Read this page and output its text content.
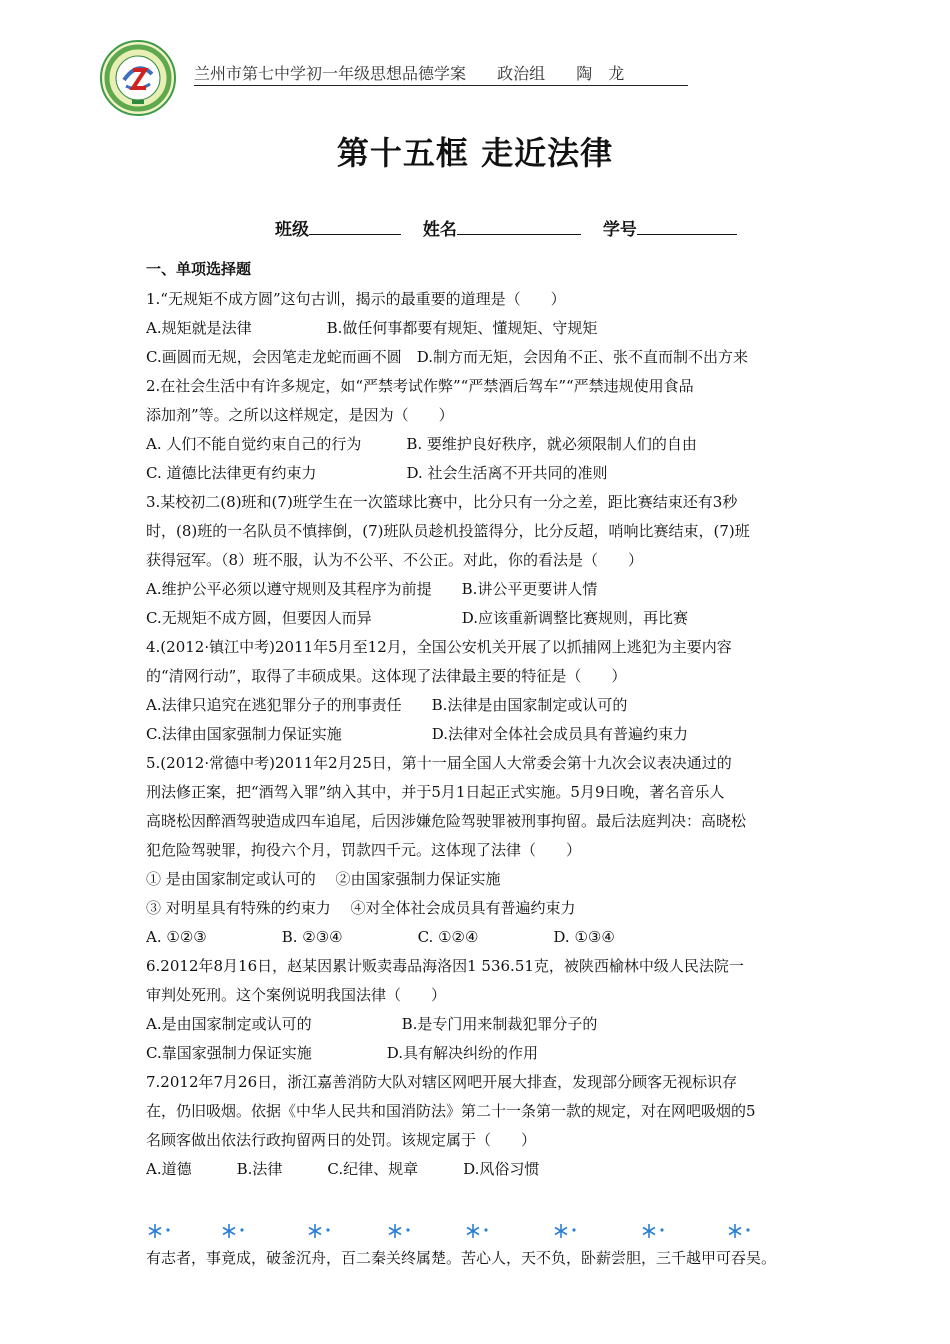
兰州市第七中学初一年级思想品德学案 政治组 陶　龙
第十五框 走近法律
班级	姓名	学号
一、单项选择题
1.“无规矩不成方圆”这句古训，揭示的最重要的道理是（　　）
A.规矩就是法律　　　　　B.做任何事都要有规矩、懂规矩、守规矩
C.画圆而无规，会因笔走龙蛇而画不圆　D.制方而无矩，会因角不正、张不直而制不出方来
2.在社会生活中有许多规定，如“严禁考试作弊”“严禁酒后驾车”“严禁违规使用食品
添加剂”等。之所以这样规定，是因为（　　）
A. 人们不能自觉约束自己的行为　　　B. 要维护良好秩序，就必须限制人们的自由
C. 道德比法律更有约束力　　　　　　D. 社会生活离不开共同的准则
3.某校初二(8)班和(7)班学生在一次篮球比赛中，比分只有一分之差，距比赛结束还有3秒
时，(8)班的一名队员不慎摔倒，(7)班队员趁机投篮得分，比分反超，哨响比赛结束，(7)班
获得冠军。（8）班不服，认为不公平、不公正。对此，你的看法是（　　）
A.维护公平必须以遵守规则及其程序为前提　　B.讲公平更要讲人情
C.无规矩不成方圆，但要因人而异　　　　　　D.应该重新调整比赛规则，再比赛
4.(2012·镇江中考)2011年5月至12月，全国公安机关开展了以抓捕网上逃犯为主要内容
的“清网行动”，取得了丰硕成果。这体现了法律最主要的特征是（　　）
A.法律只追究在逃犯罪分子的刑事责任　　B.法律是由国家制定或认可的
C.法律由国家强制力保证实施　　　　　　D.法律对全体社会成员具有普遍约束力
5.(2012·常德中考)2011年2月25日，第十一届全国人大常委会第十九次会议表决通过的
刑法修正案，把“酒驾入罪”纳入其中，并于5月1日起正式实施。5月9日晚，著名音乐人
高晓松因醉酒驾驶造成四车追尾，后因涉嫌危险驾驶罪被刑事拘留。最后法庭判决：高晓松
犯危险驾驶罪，拘役六个月，罚款四千元。这体现了法律（　　）
① 是由国家制定或认可的　 ②由国家强制力保证实施
③ 对明星具有特殊的约束力　 ④对全体社会成员具有普遍约束力
A. ①②③　　　　　B. ②③④　　　　　C. ①②④　　　　　D. ①③④
6.2012年8月16日，赵某因累计贩卖毒品海洛因1 536.51克，被陕西榆林中级人民法院一
审判处死刑。这个案例说明我国法律（　　）
A.是由国家制定或认可的　　　　　　B.是专门用来制裁犯罪分子的
C.靠国家强制力保证实施　　　　　D.具有解决纠纷的作用
7.2012年7月26日，浙江嘉善消防大队对辖区网吧开展大排查，发现部分顾客无视标识存
在，仍旧吸烟。依据《中华人民共和国消防法》第二十一条第一款的规定，对在网吧吸烟的5
名顾客做出依法行政拘留两日的处罚。该规定属于（　　）
A.道德　　　B.法律　　　C.纪律、规章　　　D.风俗习惯
有志者，事竟成，破釜沉舟，百二秦关终属楚。苦心人，天不负，卧薪尝胆，三千越甲可吞吴。
